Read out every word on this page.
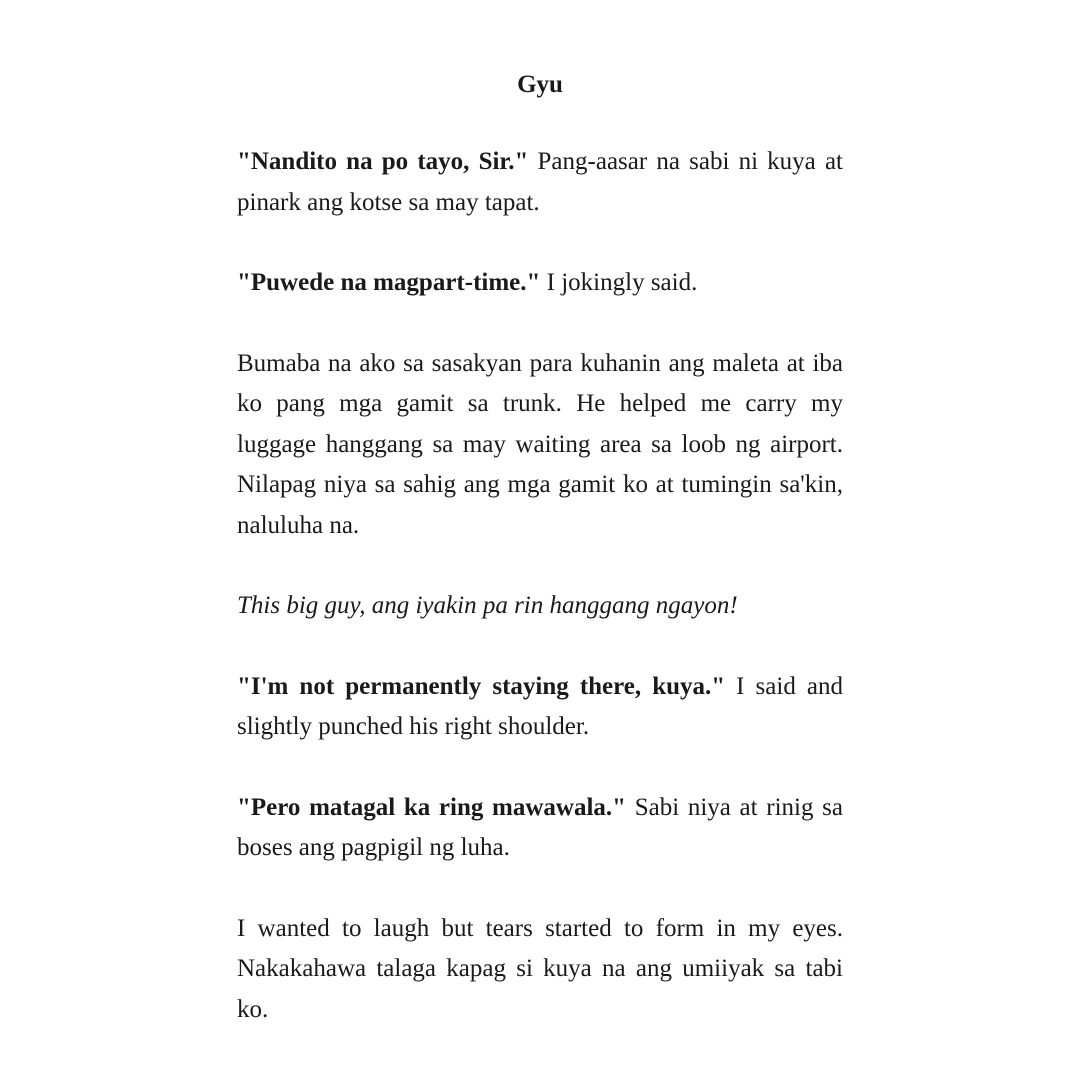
Gyu

"Nandito na po tayo, Sir." Pang-aasar na sabi ni kuya at pinark ang kotse sa may tapat.

"Puwede na magpart-time." I jokingly said.

Bumaba na ako sa sasakyan para kuhanin ang maleta at iba ko pang mga gamit sa trunk. He helped me carry my luggage hanggang sa may waiting area sa loob ng airport. Nilapag niya sa sahig ang mga gamit ko at tumingin sa'kin, naluluha na.

This big guy, ang iyakin pa rin hanggang ngayon!

"I'm not permanently staying there, kuya." I said and slightly punched his right shoulder.

"Pero matagal ka ring mawawala." Sabi niya at rinig sa boses ang pagpigil ng luha.

I wanted to laugh but tears started to form in my eyes. Nakakahawa talaga kapag si kuya na ang umiiyak sa tabi ko.
